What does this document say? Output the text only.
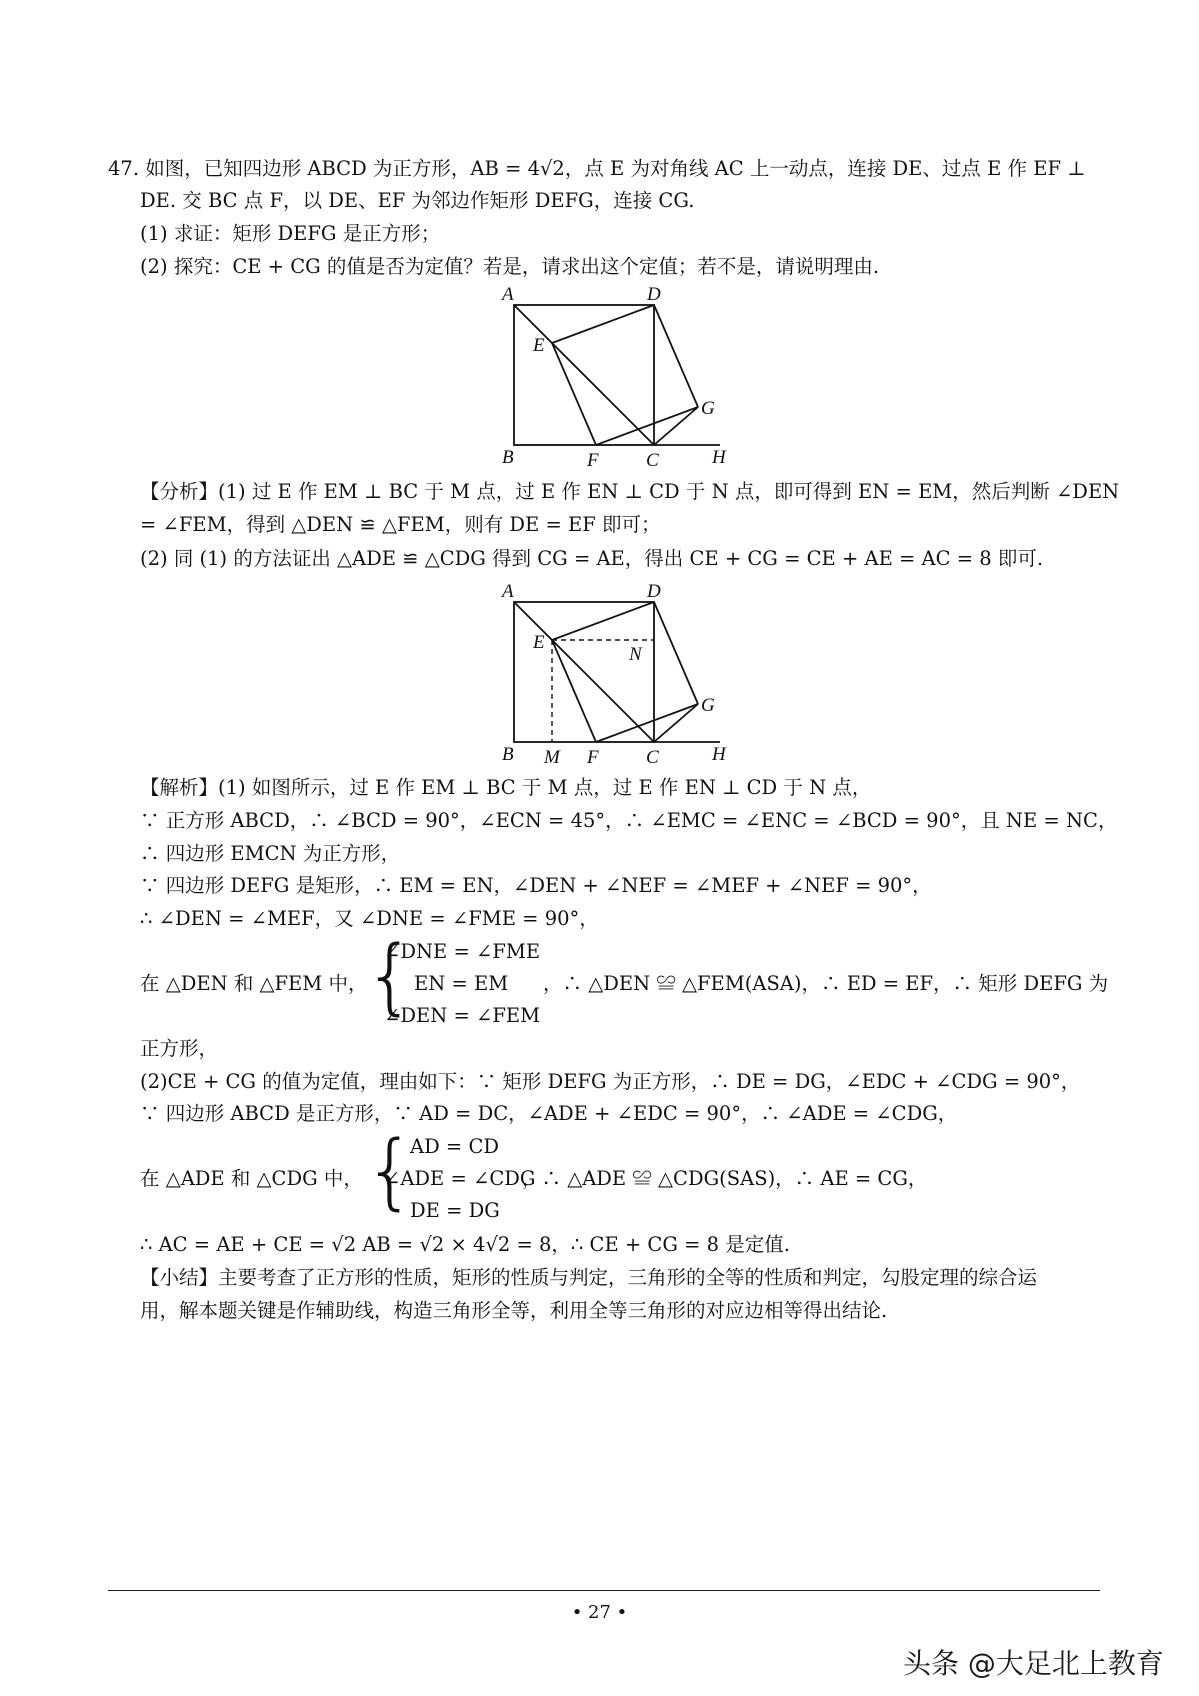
47. 如图，已知四边形 ABCD 为正方形，AB = 4√2，点 E 为对角线 AC 上一动点，连接 DE、过点 E 作 EF ⊥
DE. 交 BC 点 F，以 DE、EF 为邻边作矩形 DEFG，连接 CG.
(1) 求证：矩形 DEFG 是正方形；
(2) 探究：CE + CG 的值是否为定值？若是，请求出这个定值；若不是，请说明理由.
A	D
E
G
B	F C	H
【分析】(1) 过 E 作 EM ⊥ BC 于 M 点，过 E 作 EN ⊥ CD 于 N 点，即可得到 EN = EM，然后判断 ∠DEN
= ∠FEM，得到 △DEN ≌ △FEM，则有 DE = EF 即可；
(2) 同 (1) 的方法证出 △ADE ≌ △CDG 得到 CG = AE，得出 CE + CG = CE + AE = AC = 8 即可.
A	D
E
N
G
B M F C	H
【解析】(1) 如图所示，过 E 作 EM ⊥ BC 于 M 点，过 E 作 EN ⊥ CD 于 N 点，
∵ 正方形 ABCD，∴ ∠BCD = 90°，∠ECN = 45°，∴ ∠EMC = ∠ENC = ∠BCD = 90°，且 NE = NC，
∴ 四边形 EMCN 为正方形，
∵ 四边形 DEFG 是矩形，∴ EM = EN，∠DEN + ∠NEF = ∠MEF + ∠NEF = 90°，
∴ ∠DEN = ∠MEF，又 ∠DNE = ∠FME = 90°，
在 △DEN 和 △FEM 中，
{
∠DNE = ∠FME
EN = EM
∠DEN = ∠FEM
，∴ △DEN ≌ △FEM(ASA)，∴ ED = EF，∴ 矩形 DEFG 为
正方形，
(2)CE + CG 的值为定值，理由如下：∵ 矩形 DEFG 为正方形，∴ DE = DG，∠EDC + ∠CDG = 90°，
∵ 四边形 ABCD 是正方形，∵ AD = DC，∠ADE + ∠EDC = 90°，∴ ∠ADE = ∠CDG，
在 △ADE 和 △CDG 中， {
AD = CD
∠ADE = ∠CDG
DE = DG
，∴ △ADE ≌ △CDG(SAS)，∴ AE = CG，
∴ AC = AE + CE = √2 AB = √2 × 4√2 = 8，∴ CE + CG = 8 是定值.
【小结】主要考查了正方形的性质，矩形的性质与判定，三角形的全等的性质和判定，勾股定理的综合运
用，解本题关键是作辅助线，构造三角形全等，利用全等三角形的对应边相等得出结论.
• 27 •
头条 @大足北上教育
